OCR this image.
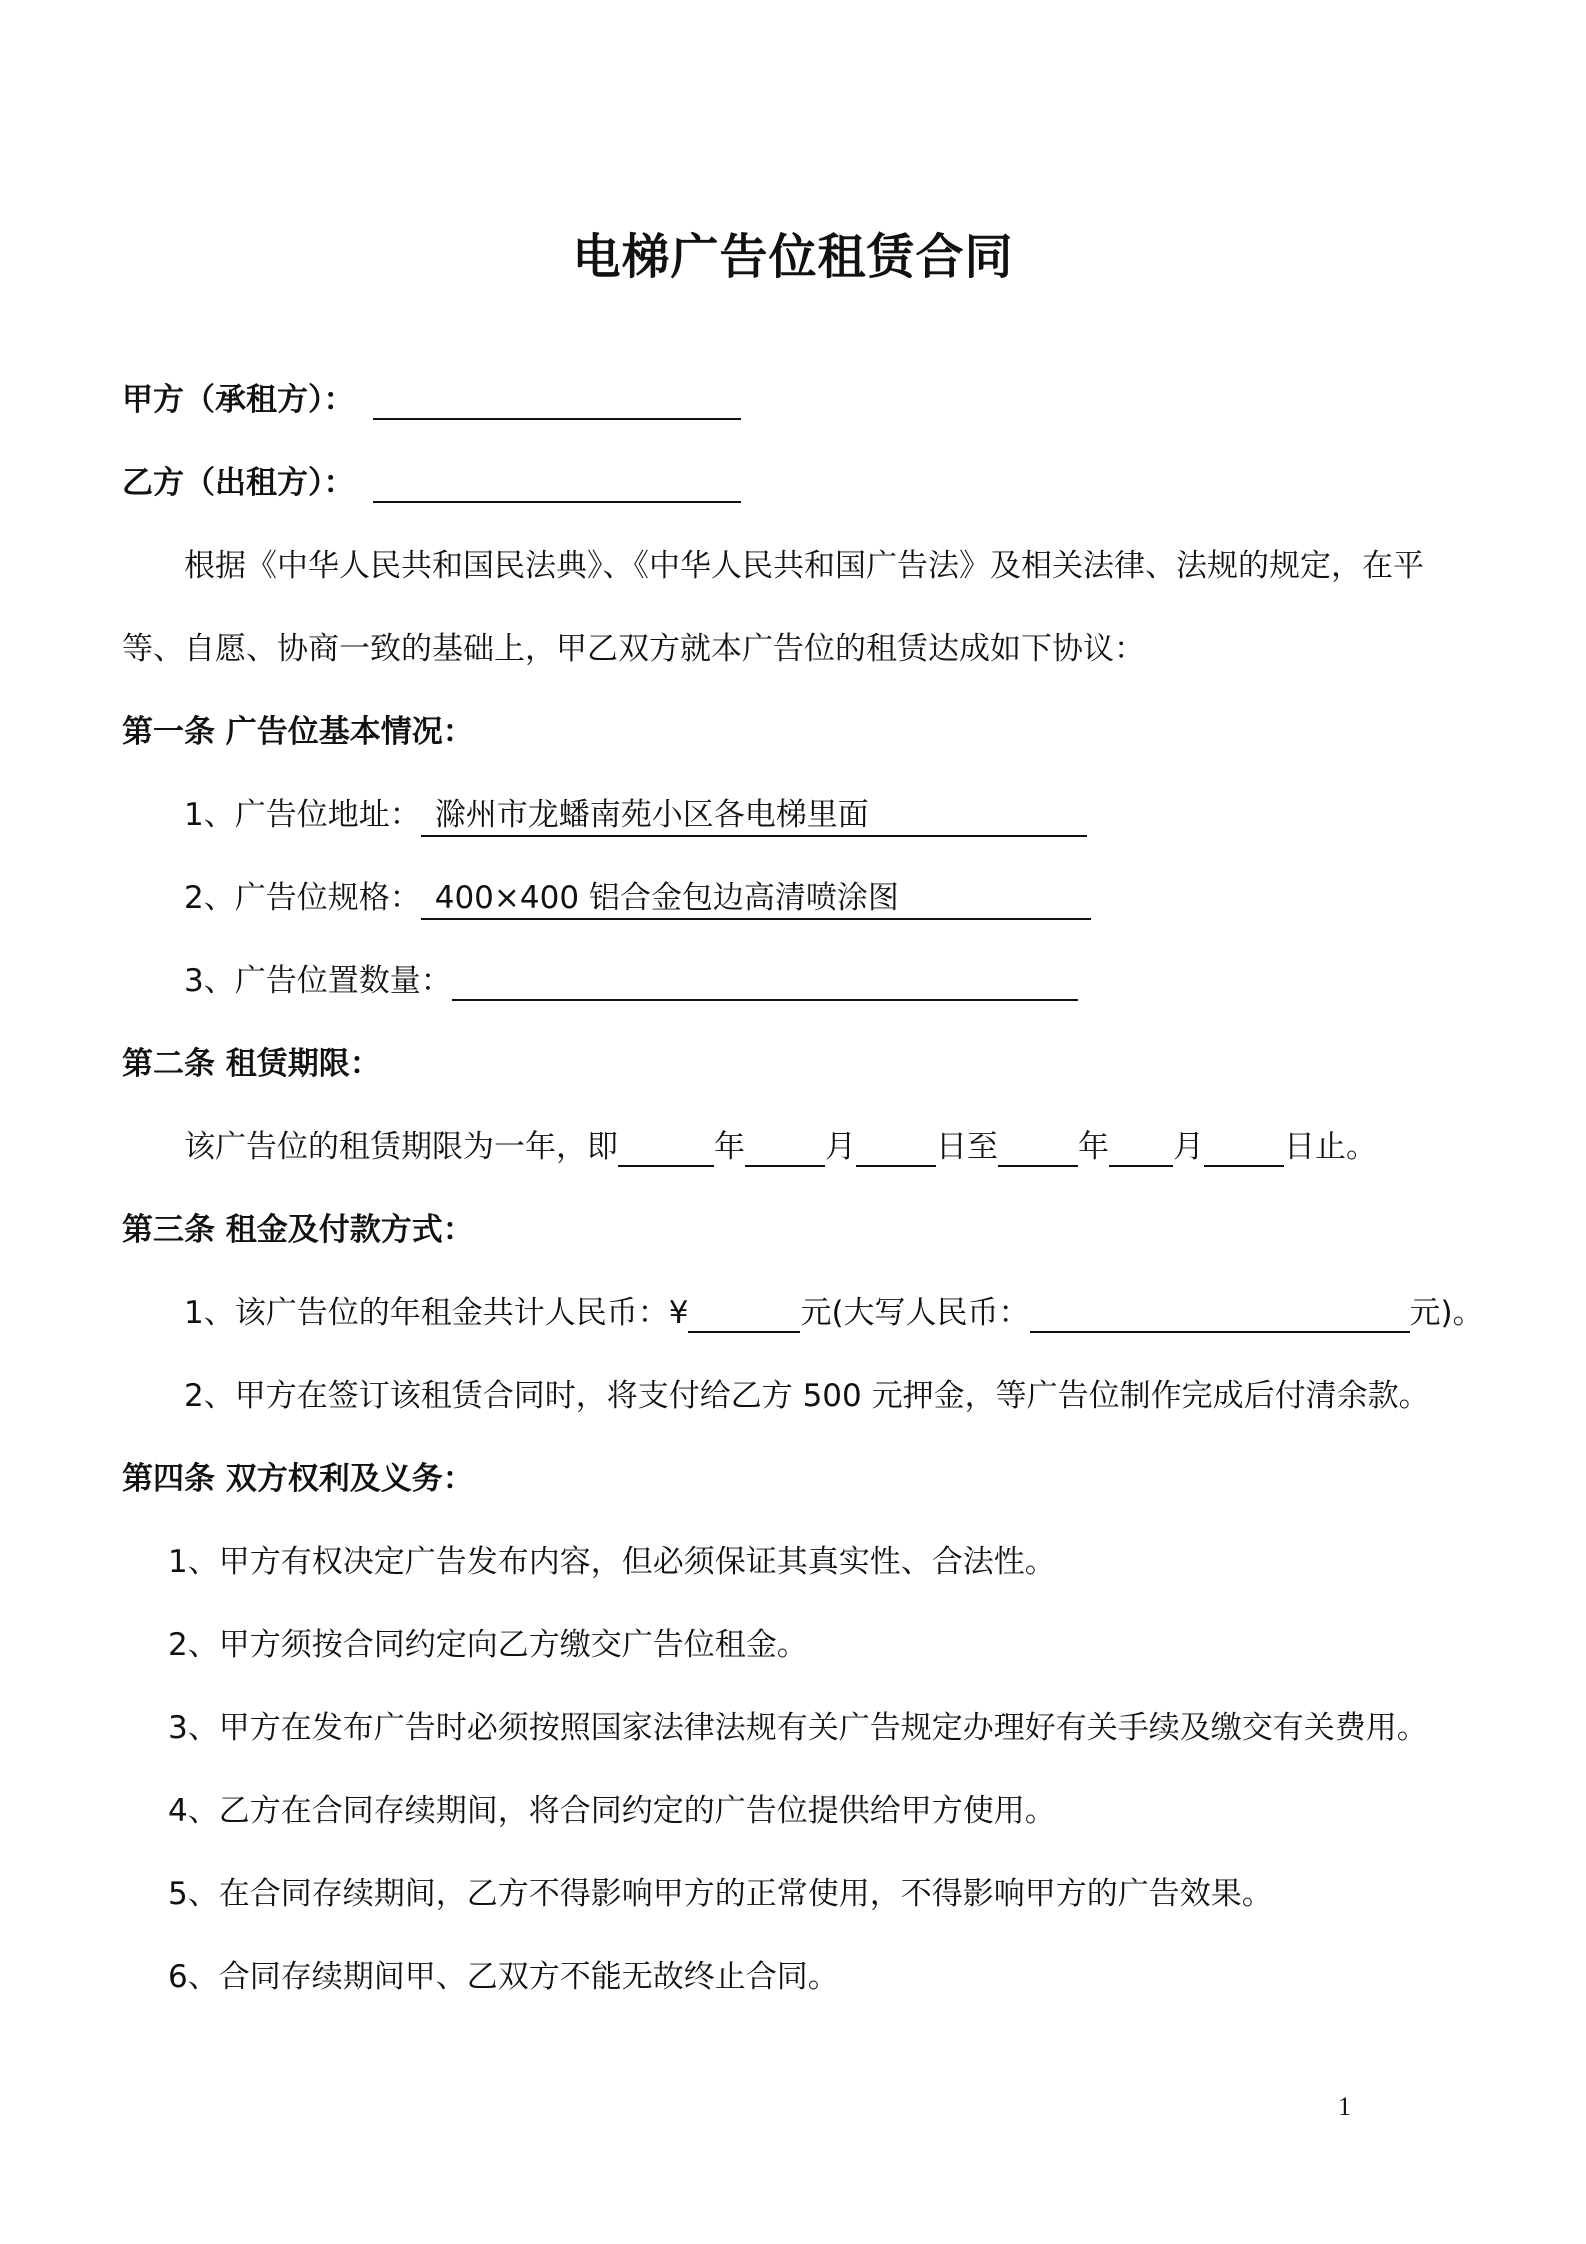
电梯广告位租赁合同
甲方（承租方）：
乙方（出租方）：
根据《中华人民共和国民法典》、《中华人民共和国广告法》及相关法律、法规的规定，在平
等、自愿、协商一致的基础上，甲乙双方就本广告位的租赁达成如下协议：
第一条 广告位基本情况：
1、广告位地址： 滁州市龙蟠南苑小区各电梯里面
2、广告位规格： 400×400 铝合金包边高清喷涂图
3、广告位置数量：
第二条 租赁期限：
该广告位的租赁期限为一年，即	年	月	日至	年 月	日止。
第三条 租金及付款方式：
1、该广告位的年租金共计人民币：¥	元(大写人民币：	元)。
2、甲方在签订该租赁合同时，将支付给乙方 500 元押金，等广告位制作完成后付清余款。
第四条 双方权利及义务：
1、甲方有权决定广告发布内容，但必须保证其真实性、合法性。
2、甲方须按合同约定向乙方缴交广告位租金。
3、甲方在发布广告时必须按照国家法律法规有关广告规定办理好有关手续及缴交有关费用。
4、乙方在合同存续期间，将合同约定的广告位提供给甲方使用。
5、在合同存续期间，乙方不得影响甲方的正常使用，不得影响甲方的广告效果。
6、合同存续期间甲、乙双方不能无故终止合同。
1
